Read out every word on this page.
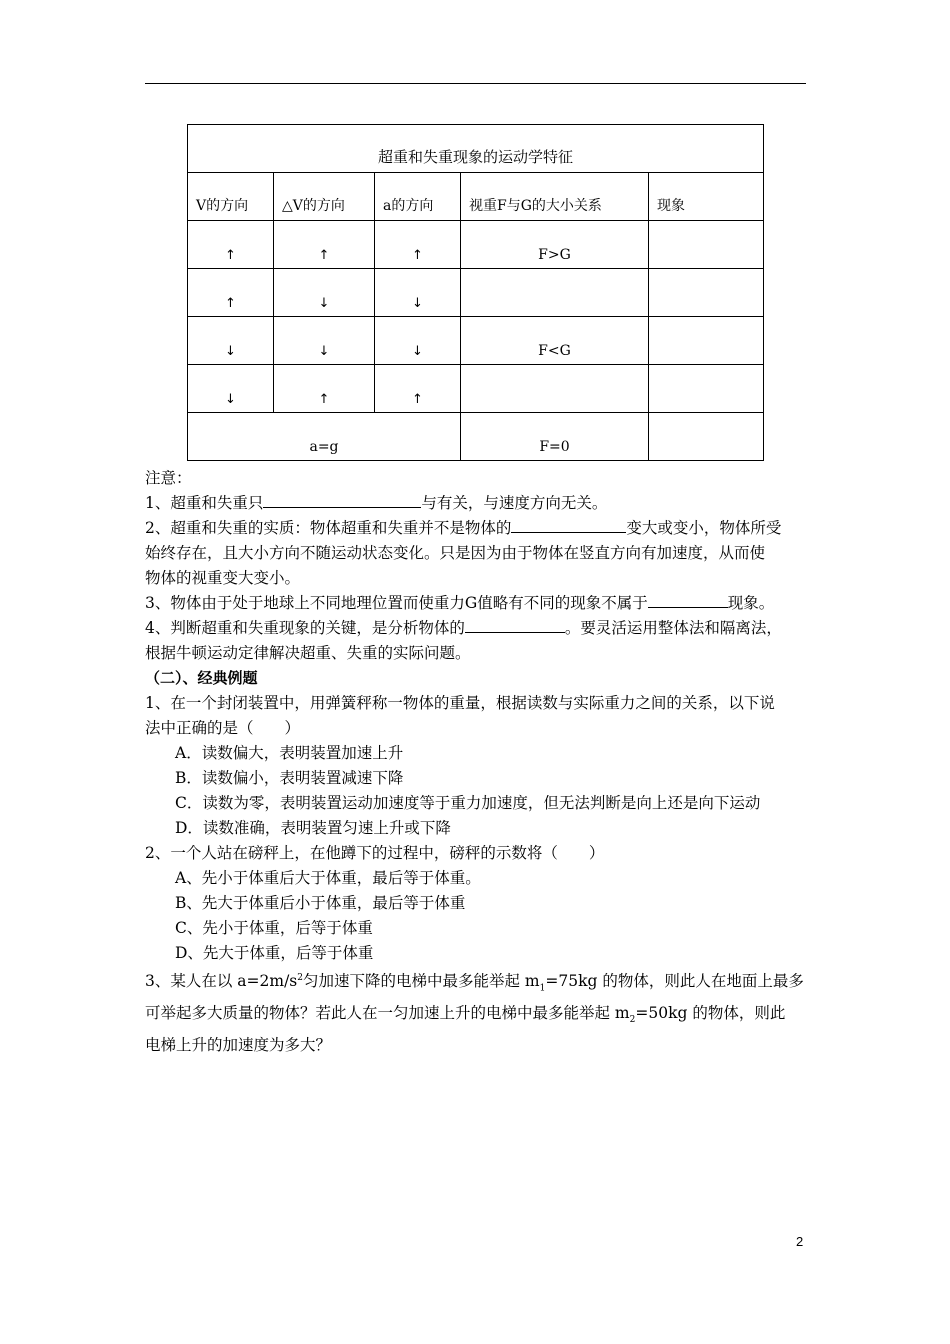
超重和失重现象的运动学特征				

V的方向	△V的方向	a的方向	视重F与G的大小关系	现象

↑	↑	↑	F>G	

↑	↓	↓		

↓	↓	↓	F<G	

↓	↑	↑		

a=g			F=0	

注意：

1、超重和失重只	与有关，与速度方向无关。

2、超重和失重的实质：物体超重和失重并不是物体的	变大或变小，物体所受

始终存在，且大小方向不随运动状态变化。只是因为由于物体在竖直方向有加速度，从而使

物体的视重变大变小。

3、物体由于处于地球上不同地理位置而使重力G值略有不同的现象不属于	现象。

4、判断超重和失重现象的关键，是分析物体的	。要灵活运用整体法和隔离法，

根据牛顿运动定律解决超重、失重的实际问题。

（二）、经典例题

1、在一个封闭装置中，用弹簧秤称一物体的重量，根据读数与实际重力之间的关系，以下说

法中正确的是（　　）

A．读数偏大，表明装置加速上升

B．读数偏小，表明装置减速下降

C．读数为零，表明装置运动加速度等于重力加速度，但无法判断是向上还是向下运动

D．读数准确，表明装置匀速上升或下降

2、一个人站在磅秤上，在他蹲下的过程中，磅秤的示数将（　　）

A、先小于体重后大于体重，最后等于体重。

B、先大于体重后小于体重，最后等于体重

C、先小于体重，后等于体重

D、先大于体重，后等于体重

3、某人在以 $a=2m/s^2$匀加速下降的电梯中最多能举起 $m_1=75kg$ 的物体，则此人在地面上最多

可举起多大质量的物体？若此人在一匀加速上升的电梯中最多能举起 $m_2=50kg$ 的物体，则此

电梯上升的加速度为多大？

2
